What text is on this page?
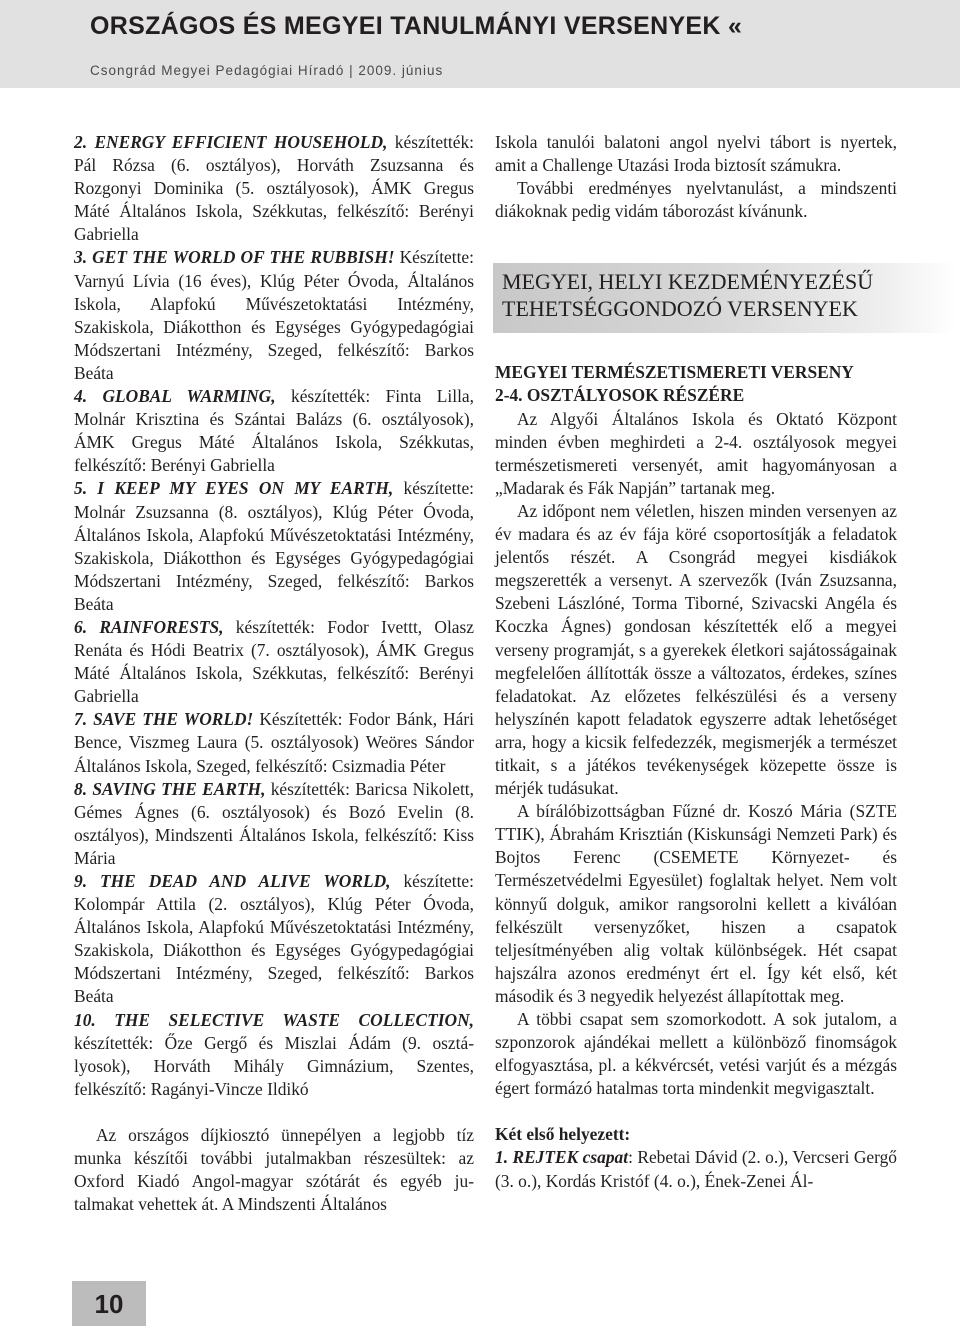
ORSZÁGOS ÉS MEGYEI TANULMÁNYI VERSENYEK «
Csongrád Megyei Pedagógiai Híradó | 2009. június

2. ENERGY EFFICIENT HOUSEHOLD, készítették: Pál Rózsa (6. osztályos), Horváth Zsuzsanna és Rozgonyi Dominika (5. osztályosok), ÁMK Gregus Máté Általános Iskola, Székkutas, felkészítő: Berényi Gabriella

3. GET THE WORLD OF THE RUBBISH! Készítette: Varnyú Lívia (16 éves), Klúg Péter Óvoda, Általános Iskola, Alapfokú Művészetoktatási Intézmény, Szakiskola, Diákotthon és Egységes Gyógypedagógiai Módszertani Intézmény, Szeged, felkészítő: Barkos Beáta

4. GLOBAL WARMING, készítették: Finta Lilla, Molnár Krisztina és Szántai Balázs (6. osztályosok), ÁMK Gregus Máté Általános Iskola, Székkutas, felkészítő: Berényi Gabriella

5. I KEEP MY EYES ON MY EARTH, készítette: Molnár Zsuzsanna (8. osztályos), Klúg Péter Óvoda, Általános Iskola, Alapfokú Művészetoktatási Intézmény, Szakiskola, Diákotthon és Egységes Gyógypedagógiai Módszertani Intézmény, Szeged, felkészítő: Barkos Beáta

6. RAINFORESTS, készítették: Fodor Ivettt, Olasz Renáta és Hódi Beatrix (7. osztályosok), ÁMK Gregus Máté Általános Iskola, Székkutas, felkészítő: Berényi Gabriella

7. SAVE THE WORLD! Készítették: Fodor Bánk, Hári Bence, Viszmeg Laura (5. osztályosok) Weöres Sándor Általános Iskola, Szeged, felkészítő: Csizmadia Péter

8. SAVING THE EARTH, készítették: Baricsa Nikolett, Gémes Ágnes (6. osztályosok) és Bozó Evelin (8. osztályos), Mindszenti Általános Iskola, felkészítő: Kiss Mária

9. THE DEAD AND ALIVE WORLD, készítette: Kolompár Attila (2. osztályos), Klúg Péter Óvoda, Általános Iskola, Alapfokú Művészetoktatási Intézmény, Szakiskola, Diákotthon és Egységes Gyógypedagógiai Módszertani Intézmény, Szeged, felkészítő: Barkos Beáta

10. THE SELECTIVE WASTE COLLECTION, készítették: Őze Gergő és Miszlai Ádám (9. osztályosok), Horváth Mihály Gimnázium, Szentes, felkészítő: Ragányi-Vincze Ildikó

Az országos díjkiosztó ünnepélyen a legjobb tíz munka készítői további jutalmakban részesültek: az Oxford Kiadó Angol-magyar szótárát és egyéb jutalmakat vehettek át. A Mindszenti Általános

Iskola tanulói balatoni angol nyelvi tábort is nyertek, amit a Challenge Utazási Iroda biztosít számukra.

További eredményes nyelvtanulást, a mindszenti diákoknak pedig vidám táborozást kívánunk.

MEGYEI, HELYI KEZDEMÉNYEZÉSŰ
TEHETSÉGGONDOZÓ VERSENYEK

MEGYEI TERMÉSZETISMERETI VERSENY

2-4. OSZTÁLYOSOK RÉSZÉRE

Az Algyői Általános Iskola és Oktató Központ minden évben meghirdeti a 2-4. osztályosok megyei természetismereti versenyét, amit hagyományosan a „Madarak és Fák Napján” tartanak meg.

Az időpont nem véletlen, hiszen minden versenyen az év madara és az év fája köré csoportosítják a feladatok jelentős részét. A Csongrád megyei kisdiákok megszerették a versenyt. A szervezők (Iván Zsuzsanna, Szebeni Lászlóné, Torma Tiborné, Szivacski Angéla és Koczka Ágnes) gondosan készítették elő a megyei verseny programját, s a gyerekek életkori sajátosságainak megfelelően állították össze a változatos, érdekes, színes feladatokat. Az előzetes felkészülési és a verseny helyszínén kapott feladatok egyszerre adtak lehetőséget arra, hogy a kicsik felfedezzék, megismerjék a természet titkait, s a játékos tevékenységek közepette össze is mérjék tudásukat.

A bírálóbizottságban Fűzné dr. Koszó Mária (SZTE TTIK), Ábrahám Krisztián (Kiskunsági Nemzeti Park) és Bojtos Ferenc (CSEMETE Környezet- és Természetvédelmi Egyesület) foglaltak helyet. Nem volt könnyű dolguk, amikor rangsorolni kellett a kiválóan felkészült versenyzőket, hiszen a csapatok teljesítményében alig voltak különbségek. Hét csapat hajszálra azonos eredményt ért el. Így két első, két második és 3 negyedik helyezést állapítottak meg.

A többi csapat sem szomorkodott. A sok jutalom, a szponzorok ajándékai mellett a különböző finomságok elfogyasztása, pl. a kékvércsét, vetési varjút és a mézgás égert formázó hatalmas torta mindenkit megvigasztalt.

Két első helyezett:

1. REJTEK csapat: Rebetai Dávid (2. o.), Vercseri Gergő (3. o.), Kordás Kristóf (4. o.), Ének-Zenei Ál-

10
